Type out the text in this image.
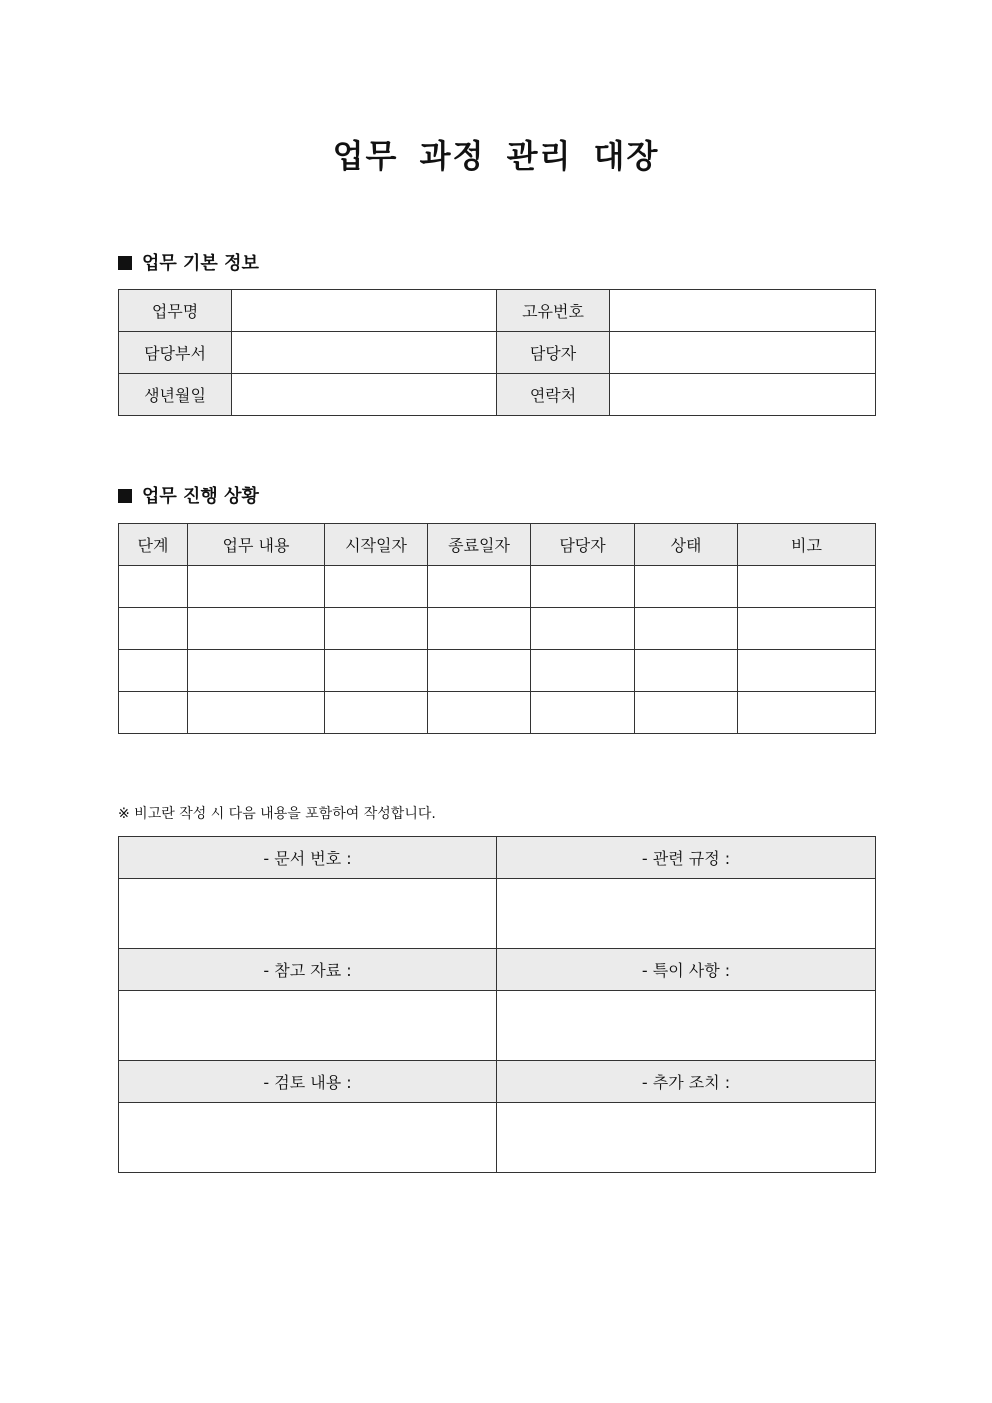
업무 과정 관리 대장
업무 기본 정보
업무명		고유번호	
담당부서		담당자	
생년월일		연락처	
업무 진행 상황
단계	업무 내용	시작일자	종료일자	담당자	상태	비고

※ 비고란 작성 시 다음 내용을 포함하여 작성합니다.
- 문서 번호 :	- 관련 규정 :

- 참고 자료 :	- 특이 사항 :

- 검토 내용 :	- 추가 조치 :
